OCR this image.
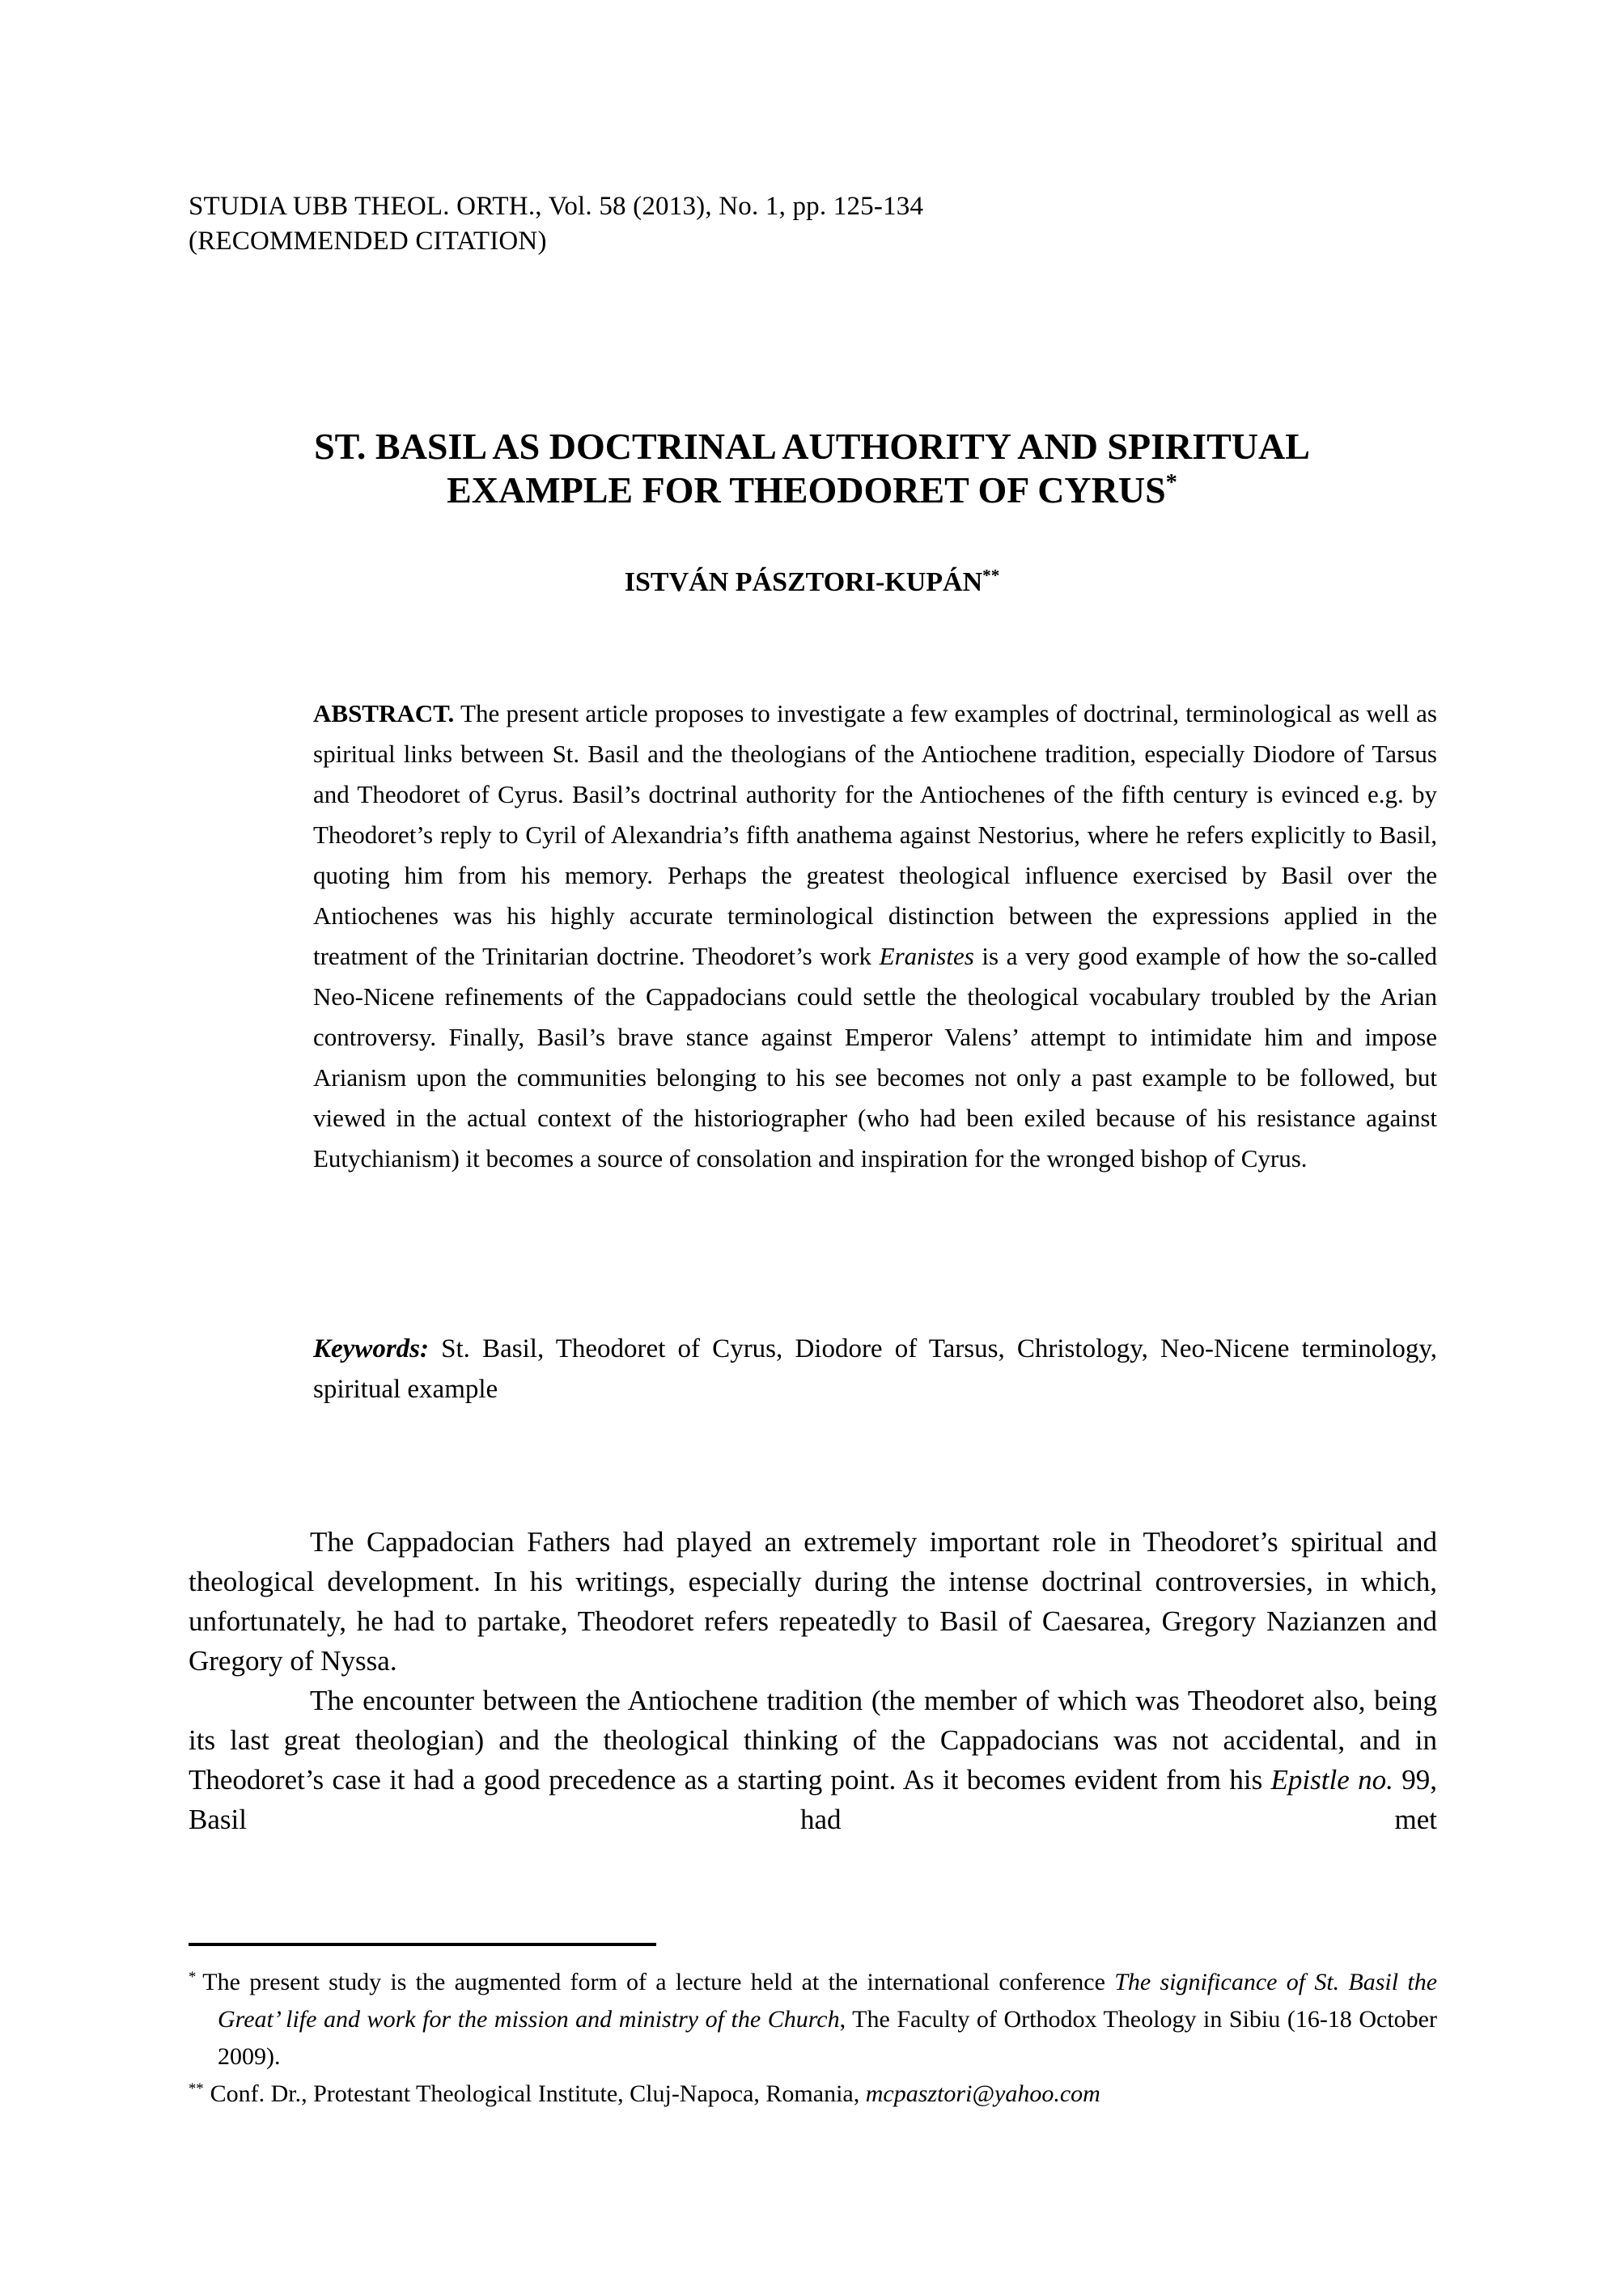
STUDIA UBB THEOL. ORTH., Vol. 58 (2013), No. 1, pp. 125-134
(RECOMMENDED CITATION)
ST. BASIL AS DOCTRINAL AUTHORITY AND SPIRITUAL
EXAMPLE FOR THEODORET OF CYRUS*
ISTVÁN PÁSZTORI-KUPÁN**
ABSTRACT. The present article proposes to investigate a few examples of doctrinal, terminological as well as spiritual links between St. Basil and the theologians of the Antiochene tradition, especially Diodore of Tarsus and Theodoret of Cyrus. Basil’s doctrinal authority for the Antiochenes of the fifth century is evinced e.g. by Theodoret’s reply to Cyril of Alexandria’s fifth anathema against Nestorius, where he refers explicitly to Basil, quoting him from his memory. Perhaps the greatest theological influence exercised by Basil over the Antiochenes was his highly accurate terminological distinction between the expressions applied in the treatment of the Trinitarian doctrine. Theodoret’s work Eranistes is a very good example of how the so-called Neo-Nicene refinements of the Cappadocians could settle the theological vocabulary troubled by the Arian controversy. Finally, Basil’s brave stance against Emperor Valens’ attempt to intimidate him and impose Arianism upon the communities belonging to his see becomes not only a past example to be followed, but viewed in the actual context of the historiographer (who had been exiled because of his resistance against Eutychianism) it becomes a source of consolation and inspiration for the wronged bishop of Cyrus.
Keywords: St. Basil, Theodoret of Cyrus, Diodore of Tarsus, Christology, Neo-Nicene terminology, spiritual example

The Cappadocian Fathers had played an extremely important role in Theodoret’s spiritual and theological development. In his writings, especially during the intense doctrinal controversies, in which, unfortunately, he had to partake, Theodoret refers repeatedly to Basil of Caesarea, Gregory Nazianzen and Gregory of Nyssa.

The encounter between the Antiochene tradition (the member of which was Theodoret also, being its last great theologian) and the theological thinking of the Cappadocians was not accidental, and in Theodoret’s case it had a good precedence as a starting point. As it becomes evident from his Epistle no. 99, Basil had met

* The present study is the augmented form of a lecture held at the international conference The significance of St. Basil the Great’ life and work for the mission and ministry of the Church, The Faculty of Orthodox Theology in Sibiu (16-18 October 2009).

** Conf. Dr., Protestant Theological Institute, Cluj-Napoca, Romania, mcpasztori@yahoo.com
